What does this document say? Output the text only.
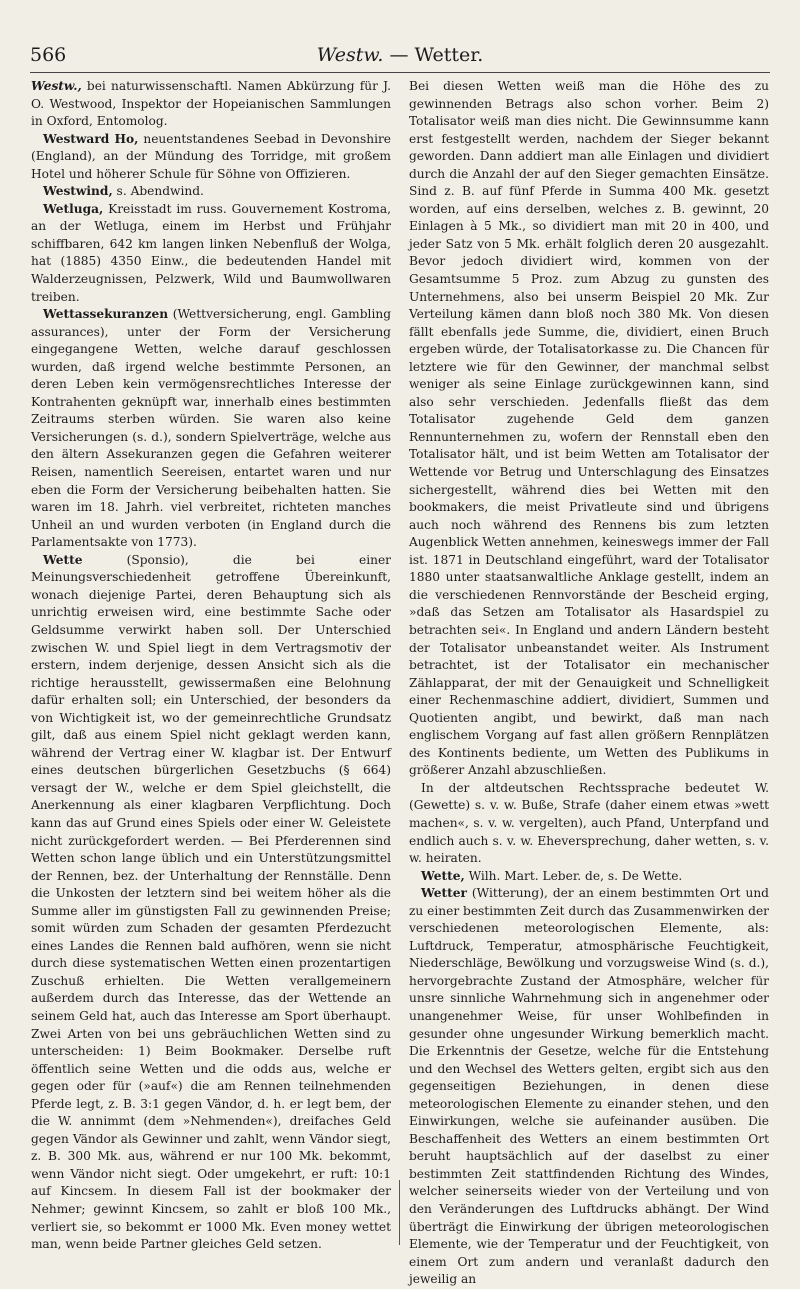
566	Westw. — Wetter.

Westw., bei naturwissenschaftl. Namen Abkürzung für J. O. Westwood, Inspektor der Hopeianischen Sammlungen in Oxford, Entomolog.

Westward Ho, neuentstandenes Seebad in Devonshire (England), an der Mündung des Torridge, mit großem Hotel und höherer Schule für Söhne von Offizieren.

Westwind, s. Abendwind.

Wetluga, Kreisstadt im russ. Gouvernement Kostroma, an der Wetluga, einem im Herbst und Frühjahr schiffbaren, 642 km langen linken Nebenfluß der Wolga, hat (1885) 4350 Einw., die bedeutenden Handel mit Walderzeugnissen, Pelzwerk, Wild und Baumwollwaren treiben.

Wettassekuranzen (Wettversicherung, engl. Gambling assurances), unter der Form der Versicherung eingegangene Wetten, welche darauf geschlossen wurden, daß irgend welche bestimmte Personen, an deren Leben kein vermögensrechtliches Interesse der Kontrahenten geknüpft war, innerhalb eines bestimmten Zeitraums sterben würden. Sie waren also keine Versicherungen (s. d.), sondern Spielverträge, welche aus den ältern Assekuranzen gegen die Gefahren weiterer Reisen, namentlich Seereisen, entartet waren und nur eben die Form der Versicherung beibehalten hatten. Sie waren im 18. Jahrh. viel verbreitet, richteten manches Unheil an und wurden verboten (in England durch die Parlamentsakte von 1773).

Wette (Sponsio), die bei einer Meinungsverschiedenheit getroffene Übereinkunft, wonach diejenige Partei, deren Behauptung sich als unrichtig erweisen wird, eine bestimmte Sache oder Geldsumme verwirkt haben soll. Der Unterschied zwischen W. und Spiel liegt in dem Vertragsmotiv der erstern, indem derjenige, dessen Ansicht sich als die richtige herausstellt, gewissermaßen eine Belohnung dafür erhalten soll; ein Unterschied, der besonders da von Wichtigkeit ist, wo der gemeinrechtliche Grundsatz gilt, daß aus einem Spiel nicht geklagt werden kann, während der Vertrag einer W. klagbar ist. Der Entwurf eines deutschen bürgerlichen Gesetzbuchs (§ 664) versagt der W., welche er dem Spiel gleichstellt, die Anerkennung als einer klagbaren Verpflichtung. Doch kann das auf Grund eines Spiels oder einer W. Geleistete nicht zurückgefordert werden. — Bei Pferderennen sind Wetten schon lange üblich und ein Unterstützungsmittel der Rennen, bez. der Unterhaltung der Rennställe. Denn die Unkosten der letztern sind bei weitem höher als die Summe aller im günstigsten Fall zu gewinnenden Preise; somit würden zum Schaden der gesamten Pferdezucht eines Landes die Rennen bald aufhören, wenn sie nicht durch diese systematischen Wetten einen prozentartigen Zuschuß erhielten. Die Wetten verallgemeinern außerdem durch das Interesse, das der Wettende an seinem Geld hat, auch das Interesse am Sport überhaupt. Zwei Arten von bei uns gebräuchlichen Wetten sind zu unterscheiden: 1) Beim Bookmaker. Derselbe ruft öffentlich seine Wetten und die odds aus, welche er gegen oder für (»auf«) die am Rennen teilnehmenden Pferde legt, z. B. 3:1 gegen Vändor, d. h. er legt bem, der die W. annimmt (dem »Nehmenden«), dreifaches Geld gegen Vändor als Gewinner und zahlt, wenn Vändor siegt, z. B. 300 Mk. aus, während er nur 100 Mk. bekommt, wenn Vändor nicht siegt. Oder umgekehrt, er ruft: 10:1 auf Kincsem. In diesem Fall ist der bookmaker der Nehmer; gewinnt Kincsem, so zahlt er bloß 100 Mk., verliert sie, so bekommt er 1000 Mk. Even money wettet man, wenn beide Partner gleiches Geld setzen.

Bei diesen Wetten weiß man die Höhe des zu gewinnenden Betrags also schon vorher. Beim 2) Totalisator weiß man dies nicht. Die Gewinnsumme kann erst festgestellt werden, nachdem der Sieger bekannt geworden. Dann addiert man alle Einlagen und dividiert durch die Anzahl der auf den Sieger gemachten Einsätze. Sind z. B. auf fünf Pferde in Summa 400 Mk. gesetzt worden, auf eins derselben, welches z. B. gewinnt, 20 Einlagen à 5 Mk., so dividiert man mit 20 in 400, und jeder Satz von 5 Mk. erhält folglich deren 20 ausgezahlt. Bevor jedoch dividiert wird, kommen von der Gesamtsumme 5 Proz. zum Abzug zu gunsten des Unternehmens, also bei unserm Beispiel 20 Mk. Zur Verteilung kämen dann bloß noch 380 Mk. Von diesen fällt ebenfalls jede Summe, die, dividiert, einen Bruch ergeben würde, der Totalisatorkasse zu. Die Chancen für letztere wie für den Gewinner, der manchmal selbst weniger als seine Einlage zurückgewinnen kann, sind also sehr verschieden. Jedenfalls fließt das dem Totalisator zugehende Geld dem ganzen Rennunternehmen zu, wofern der Rennstall eben den Totalisator hält, und ist beim Wetten am Totalisator der Wettende vor Betrug und Unterschlagung des Einsatzes sichergestellt, während dies bei Wetten mit den bookmakers, die meist Privatleute sind und übrigens auch noch während des Rennens bis zum letzten Augenblick Wetten annehmen, keineswegs immer der Fall ist. 1871 in Deutschland eingeführt, ward der Totalisator 1880 unter staatsanwaltliche Anklage gestellt, indem an die verschiedenen Rennvorstände der Bescheid erging, »daß das Setzen am Totalisator als Hasardspiel zu betrachten sei«. In England und andern Ländern besteht der Totalisator unbeanstandet weiter. Als Instrument betrachtet, ist der Totalisator ein mechanischer Zählapparat, der mit der Genauigkeit und Schnelligkeit einer Rechenmaschine addiert, dividiert, Summen und Quotienten angibt, und bewirkt, daß man nach englischem Vorgang auf fast allen größern Rennplätzen des Kontinents bediente, um Wetten des Publikums in größerer Anzahl abzuschließen.

In der altdeutschen Rechtssprache bedeutet W. (Gewette) s. v. w. Buße, Strafe (daher einem etwas »wett machen«, s. v. w. vergelten), auch Pfand, Unterpfand und endlich auch s. v. w. Eheversprechung, daher wetten, s. v. w. heiraten.

Wette, Wilh. Mart. Leber. de, s. De Wette.

Wetter (Witterung), der an einem bestimmten Ort und zu einer bestimmten Zeit durch das Zusammenwirken der verschiedenen meteorologischen Elemente, als: Luftdruck, Temperatur, atmosphärische Feuchtigkeit, Niederschläge, Bewölkung und vorzugsweise Wind (s. d.), hervorgebrachte Zustand der Atmosphäre, welcher für unsre sinnliche Wahrnehmung sich in angenehmer oder unangenehmer Weise, für unser Wohlbefinden in gesunder ohne ungesunder Wirkung bemerklich macht. Die Erkenntnis der Gesetze, welche für die Entstehung und den Wechsel des Wetters gelten, ergibt sich aus den gegenseitigen Beziehungen, in denen diese meteorologischen Elemente zu einander stehen, und den Einwirkungen, welche sie aufeinander ausüben. Die Beschaffenheit des Wetters an einem bestimmten Ort beruht hauptsächlich auf der daselbst zu einer bestimmten Zeit stattfindenden Richtung des Windes, welcher seinerseits wieder von der Verteilung und von den Veränderungen des Luftdrucks abhängt. Der Wind überträgt die Einwirkung der übrigen meteorologischen Elemente, wie der Temperatur und der Feuchtigkeit, von einem Ort zum andern und veranlaßt dadurch den jeweilig an
